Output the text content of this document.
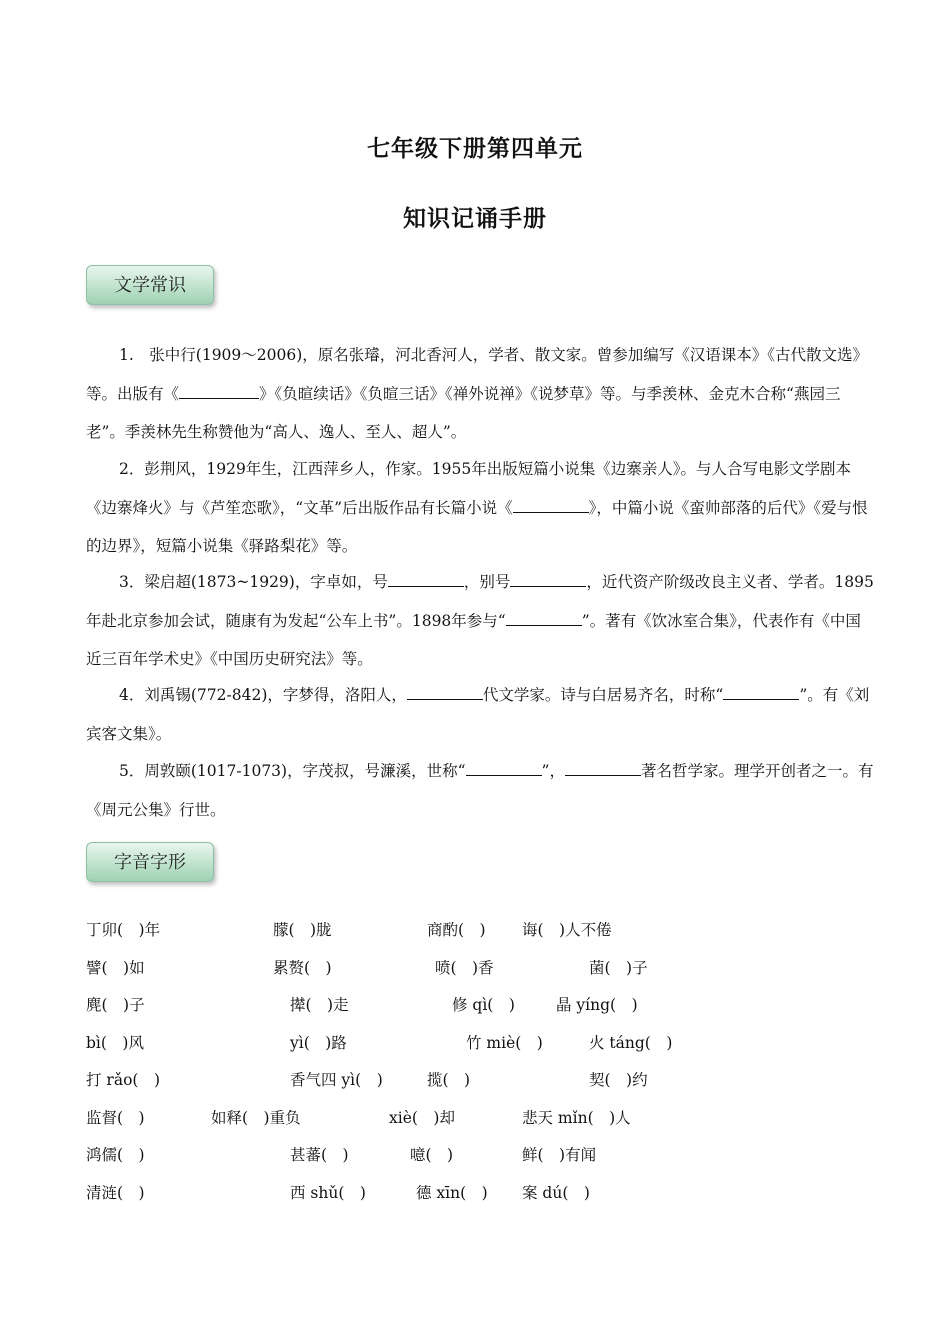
七年级下册第四单元
知识记诵手册
文学常识
1.　张中行(1909～2006)，原名张璿，河北香河人，学者、散文家。曾参加编写《汉语课本》《古代散文选》等。出版有《	》《负暄续话》《负暄三话》《禅外说禅》《说梦草》等。与季羡林、金克木合称“燕园三老”。季羡林先生称赞他为“高人、逸人、至人、超人”。
2．彭荆风，1929年生，江西萍乡人，作家。1955年出版短篇小说集《边寨亲人》。与人合写电影文学剧本《边寨烽火》与《芦笙恋歌》，“文革”后出版作品有长篇小说《	》，中篇小说《蛮帅部落的后代》《爱与恨的边界》，短篇小说集《驿路梨花》等。
3．梁启超(1873~1929)，字卓如，号	，别号	，近代资产阶级改良主义者、学者。1895年赴北京参加会试，随康有为发起“公车上书”。1898年参与“	”。著有《饮冰室合集》，代表作有《中国近三百年学术史》《中国历史研究法》等。
4．刘禹锡(772-842)，字梦得，洛阳人，	代文学家。诗与白居易齐名，时称“	”。有《刘宾客文集》。
5．周敦颐(1017-1073)，字茂叔，号濂溪，世称“	”，	著名哲学家。理学开创者之一。有《周元公集》行世。
字音字形
丁卯(　)年	朦(　)胧	商酌(　) 诲(　)人不倦
譬(　)如	累赘(　)	喷(　)香	菌(　)子
麂(　)子	撵(　)走	修 qì(　)	晶 yíng(　)
bì(　)风	yì(　)路	竹 miè(　)	火 táng(　)
打 rǎo(　)	香气四 yì(　)	揽(　)	契(　)约
监督(　)	如释(　)重负	xiè(　)却	悲天 mǐn(　)人
鸿儒(　)	甚蕃(　)	噫(　)	鲜(　)有闻
清涟(　)	西 shǔ(　)	德 xīn(　) 案 dú(　)
